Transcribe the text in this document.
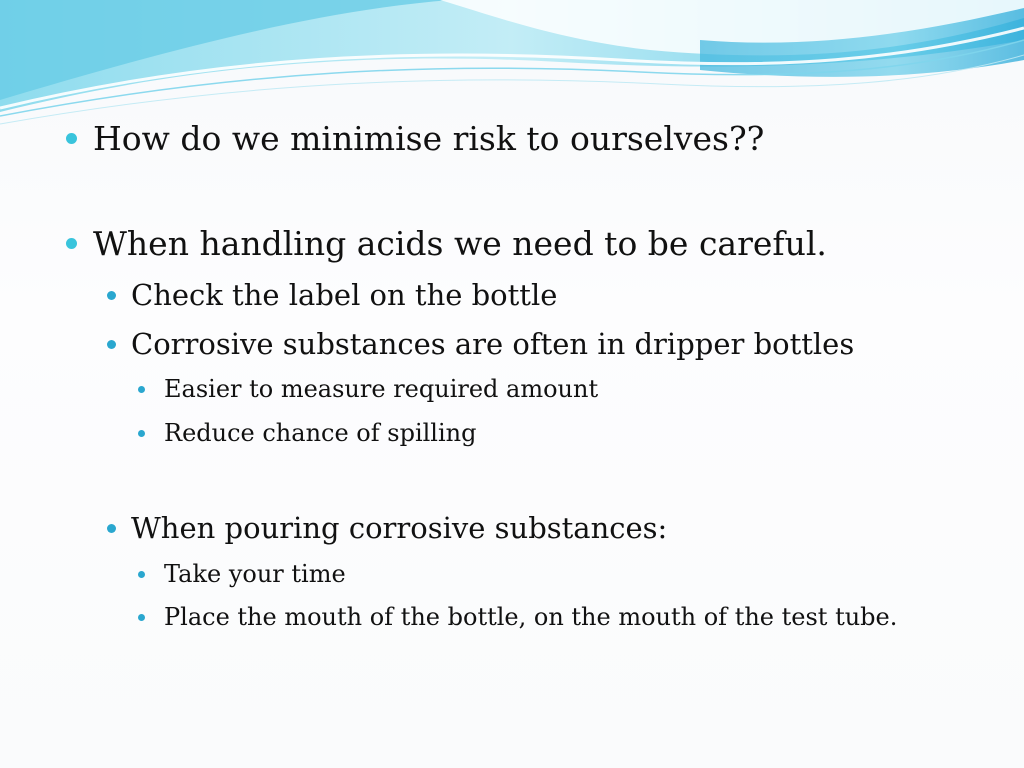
How do we minimise risk to ourselves??
When handling acids we need to be careful.
Check the label on the bottle
Corrosive substances are often in dripper bottles
Easier to measure required amount
Reduce chance of spilling
When pouring corrosive substances:
Take your time
Place the mouth of the bottle, on the mouth of the test tube.
